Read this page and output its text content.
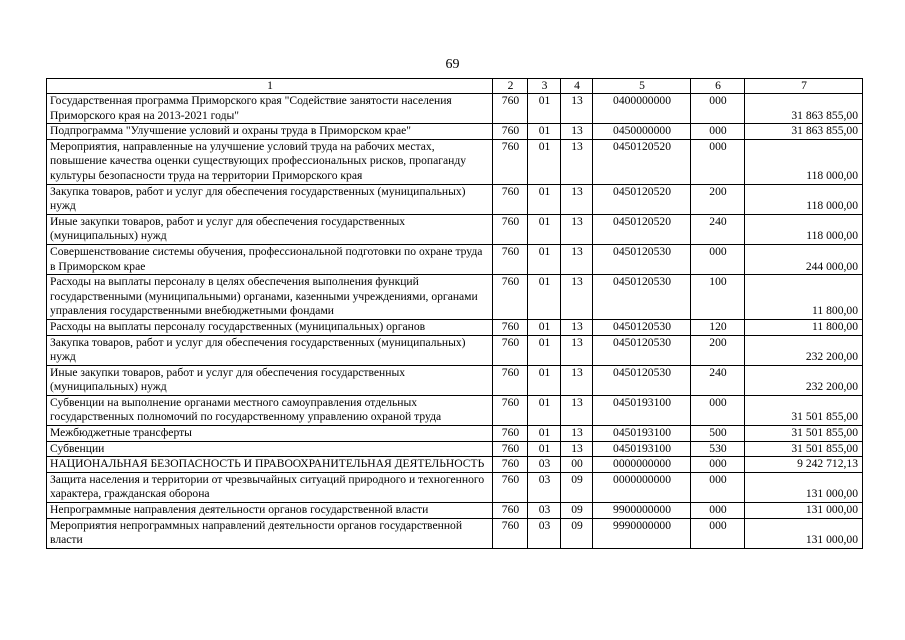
69
1	2	3	4	5	6	7
Государственная программа Приморского края "Содействие занятости населения Приморского края на 2013-2021 годы"	760	01	13	0400000000	000	31 863 855,00
Подпрограмма "Улучшение условий и охраны труда в Приморском крае"	760	01	13	0450000000	000	31 863 855,00
Мероприятия, направленные на улучшение условий труда на рабочих местах, повышение качества оценки существующих профессиональных рисков, пропаганду культуры безопасности труда на территории Приморского края	760	01	13	0450120520	000	118 000,00
Закупка товаров, работ и услуг для обеспечения государственных (муниципальных) нужд	760	01	13	0450120520	200	118 000,00
Иные закупки товаров, работ и услуг для обеспечения государственных (муниципальных) нужд	760	01	13	0450120520	240	118 000,00
Совершенствование системы обучения, профессиональной подготовки по охране труда в Приморском крае	760	01	13	0450120530	000	244 000,00
Расходы на выплаты персоналу в целях обеспечения выполнения функций государственными (муниципальными) органами, казенными учреждениями, органами управления государственными внебюджетными фондами	760	01	13	0450120530	100	11 800,00
Расходы на выплаты персоналу государственных (муниципальных) органов	760	01	13	0450120530	120	11 800,00
Закупка товаров, работ и услуг для обеспечения государственных (муниципальных) нужд	760	01	13	0450120530	200	232 200,00
Иные закупки товаров, работ и услуг для обеспечения государственных (муниципальных) нужд	760	01	13	0450120530	240	232 200,00
Субвенции на выполнение органами местного самоуправления отдельных государственных полномочий по государственному управлению охраной труда	760	01	13	0450193100	000	31 501 855,00
Межбюджетные трансферты	760	01	13	0450193100	500	31 501 855,00
Субвенции	760	01	13	0450193100	530	31 501 855,00
НАЦИОНАЛЬНАЯ БЕЗОПАСНОСТЬ И ПРАВООХРАНИТЕЛЬНАЯ ДЕЯТЕЛЬНОСТЬ	760	03	00	0000000000	000	9 242 712,13
Защита населения и территории от чрезвычайных ситуаций природного и техногенного характера, гражданская оборона	760	03	09	0000000000	000	131 000,00
Непрограммные направления деятельности органов государственной власти	760	03	09	9900000000	000	131 000,00
Мероприятия непрограммных направлений деятельности органов государственной власти	760	03	09	9990000000	000	131 000,00
